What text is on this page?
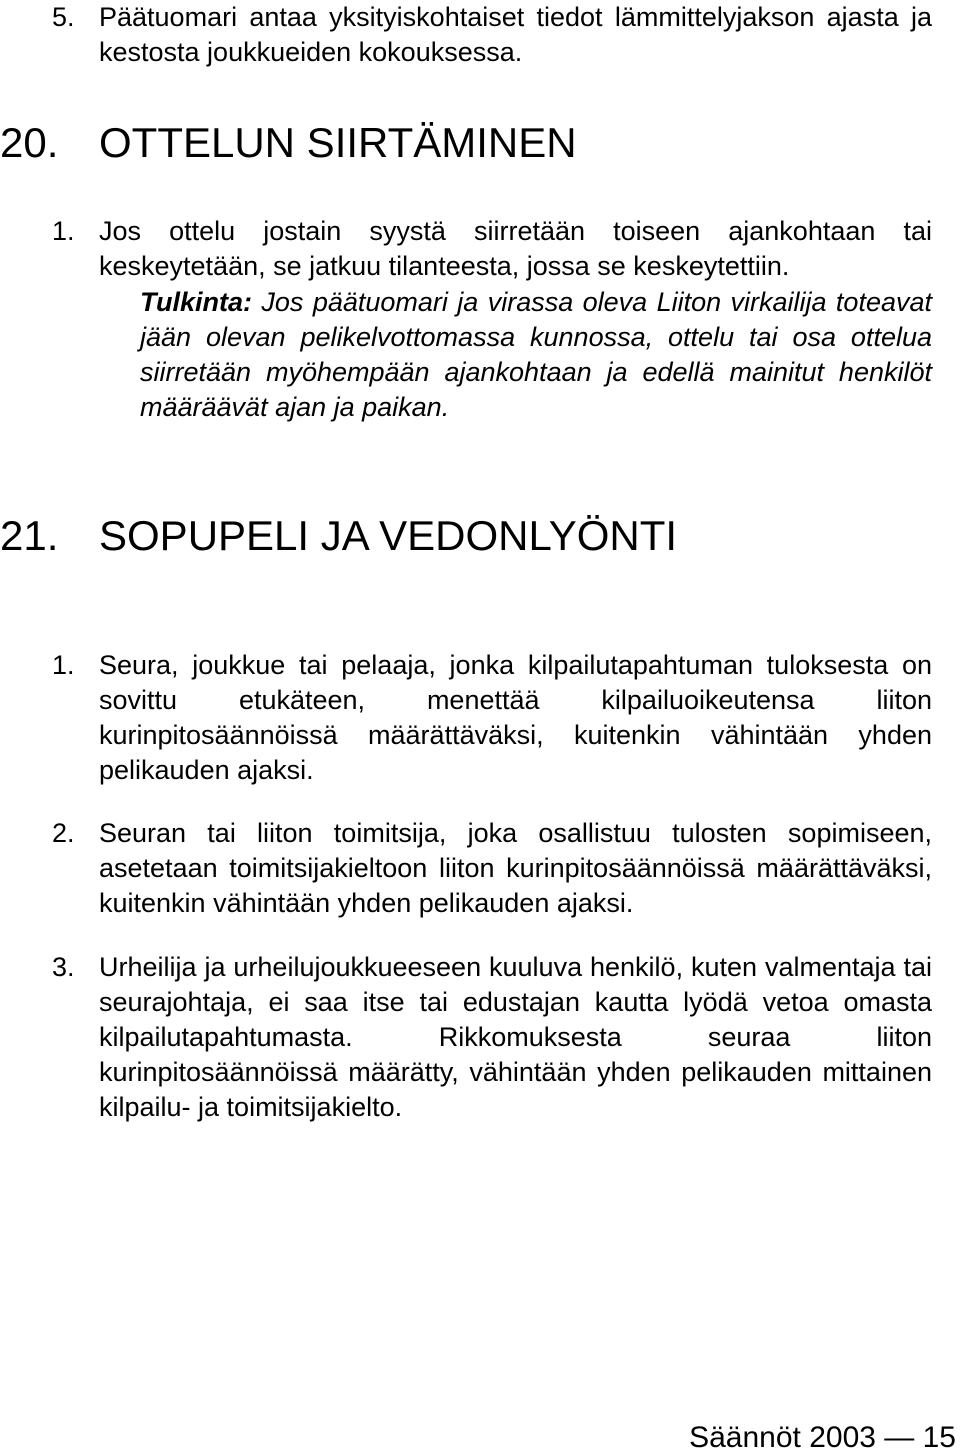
5. Päätuomari antaa yksityiskohtaiset tiedot lämmittelyjakson ajasta ja kestosta joukkueiden kokouksessa.
20. OTTELUN SIIRTÄMINEN
1. Jos ottelu jostain syystä siirretään toiseen ajankohtaan tai keskeytetään, se jatkuu tilanteesta, jossa se keskeytettiin.
Tulkinta: Jos päätuomari ja virassa oleva Liiton virkailija toteavat jään olevan pelikelvottomassa kunnossa, ottelu tai osa ottelua siirretään myöhempään ajankohtaan ja edellä mainitut henkilöt määräävät ajan ja paikan.
21. SOPUPELI JA VEDONLYÖNTI
1. Seura, joukkue tai pelaaja, jonka kilpailutapahtuman tuloksesta on sovittu etukäteen, menettää kilpailuoikeutensa liiton kurinpitosäännöissä määrättäväksi, kuitenkin vähintään yhden pelikauden ajaksi.
2. Seuran tai liiton toimitsija, joka osallistuu tulosten sopimiseen, asetetaan toimitsijakieltoon liiton kurinpitosäännöissä määrättäväksi, kuitenkin vähintään yhden pelikauden ajaksi.
3. Urheilija ja urheilujoukkueeseen kuuluva henkilö, kuten valmentaja tai seurajohtaja, ei saa itse tai edustajan kautta lyödä vetoa omasta kilpailutapahtumasta. Rikkomuksesta seuraa liiton kurinpitosäännöissä määrätty, vähintään yhden pelikauden mittainen kilpailu- ja toimitsijakielto.
Säännöt 2003 — 15
